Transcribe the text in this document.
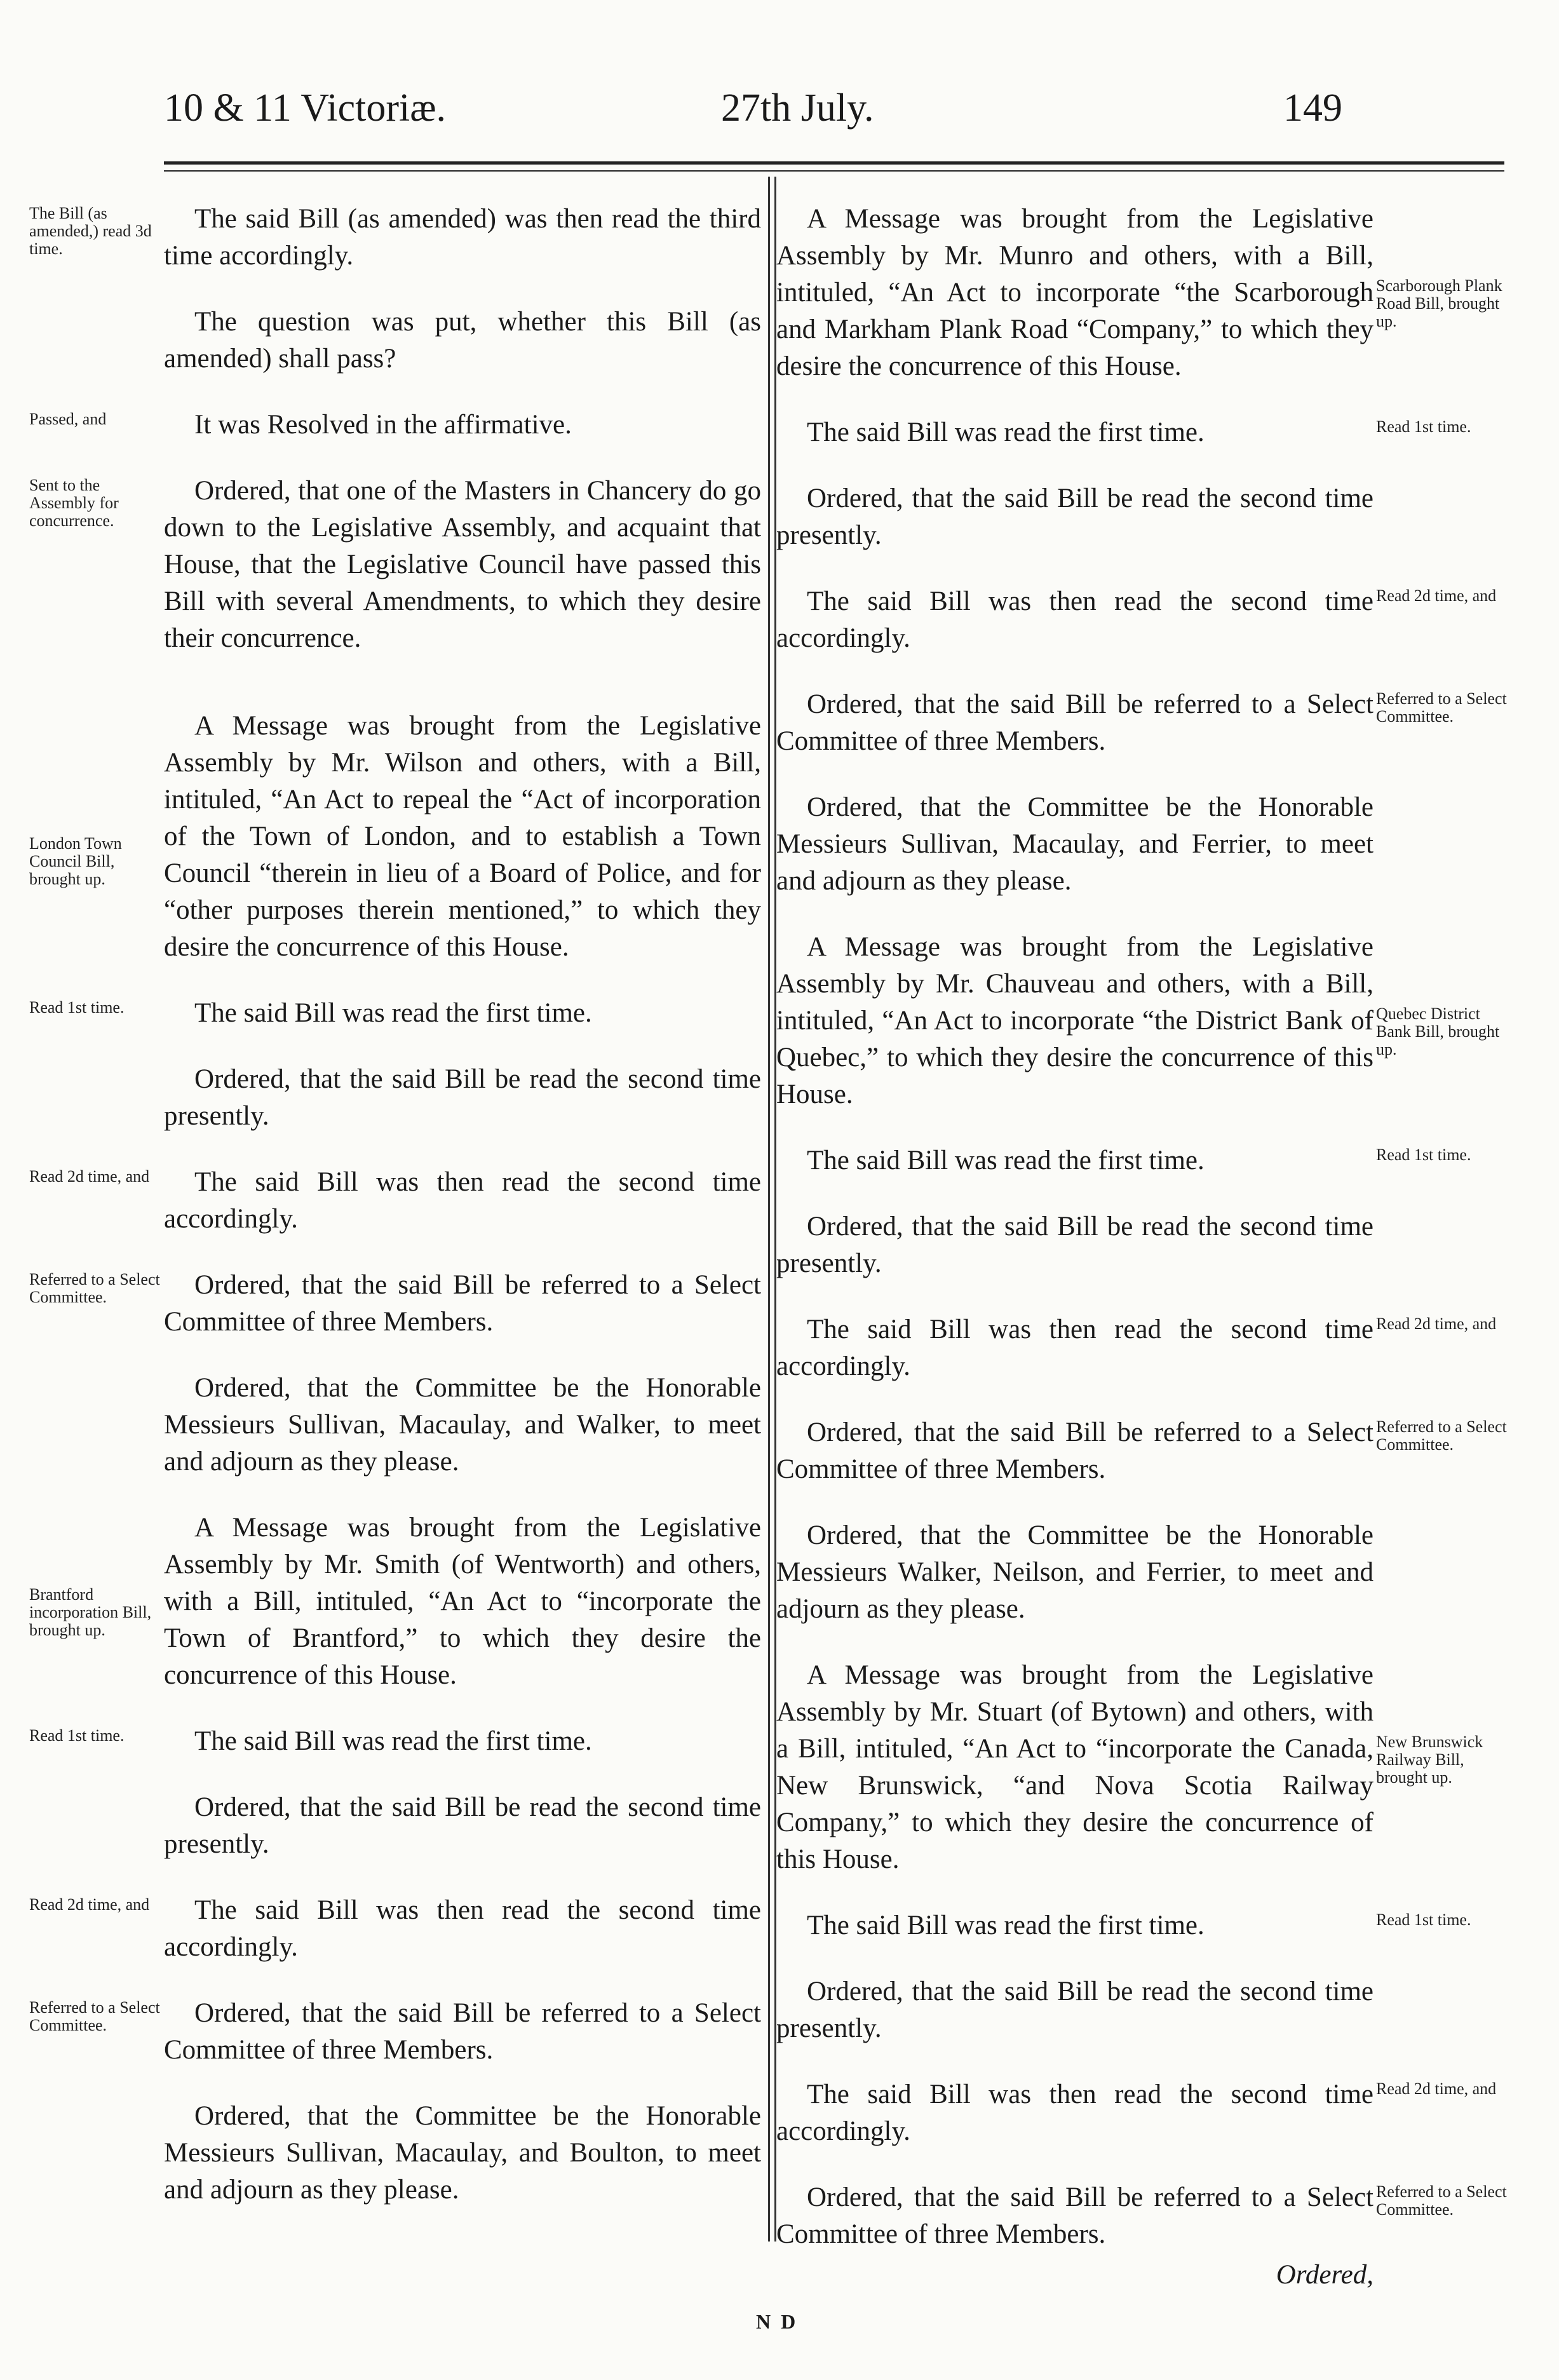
10 & 11 Victoriæ.	27th July.	149
The Bill (as amended,) read 3d time.
The said Bill (as amended) was then read the third time accordingly.
The question was put, whether this Bill (as amended) shall pass?
Passed, and	It was Resolved in the affirmative.
Sent to the Assembly for concurrence.
Ordered, that one of the Masters in Chancery do go down to the Legislative Assembly, and acquaint that House, that the Legislative Council have passed this Bill with several Amendments, to which they desire their concurrence.
London Town Council Bill, brought up.
A Message was brought from the Legislative Assembly by Mr. Wilson and others, with a Bill, intituled, “An Act to repeal the “Act of incorporation of the Town of London, and to establish a Town Council “therein in lieu of a Board of Police, and for “other purposes therein mentioned,” to which they desire the concurrence of this House.
Read 1st time.	The said Bill was read the first time.
Ordered, that the said Bill be read the second time presently.
Read 2d time, and	The said Bill was then read the second time accordingly.
Referred to a Select Committee.	Ordered, that the said Bill be referred to a Select Committee of three Members.
Ordered, that the Committee be the Honorable Messieurs Sullivan, Macaulay, and Walker, to meet and adjourn as they please.
Brantford incorporation Bill, brought up.
A Message was brought from the Legislative Assembly by Mr. Smith (of Wentworth) and others, with a Bill, intituled, “An Act to “incorporate the Town of Brantford,” to which they desire the concurrence of this House.
Read 1st time.	The said Bill was read the first time.
Ordered, that the said Bill be read the second time presently.
Read 2d time, and	The said Bill was then read the second time accordingly.
Referred to a Select Committee.	Ordered, that the said Bill be referred to a Select Committee of three Members.
Ordered, that the Committee be the Honorable Messieurs Sullivan, Macaulay, and Boulton, to meet and adjourn as they please.
Scarborough Plank Road Bill, brought up.
A Message was brought from the Legislative Assembly by Mr. Munro and others, with a Bill, intituled, “An Act to incorporate “the Scarborough and Markham Plank Road “Company,” to which they desire the concurrence of this House.
Read 1st time.
The said Bill was read the first time.
Ordered, that the said Bill be read the second time presently.
Read 2d time, and
The said Bill was then read the second time accordingly.
Referred to a Select Committee.
Ordered, that the said Bill be referred to a Select Committee of three Members.
Ordered, that the Committee be the Honorable Messieurs Sullivan, Macaulay, and Ferrier, to meet and adjourn as they please.
Quebec District Bank Bill, brought up.
A Message was brought from the Legislative Assembly by Mr. Chauveau and others, with a Bill, intituled, “An Act to incorporate “the District Bank of Quebec,” to which they desire the concurrence of this House.
Read 1st time.
The said Bill was read the first time.
Ordered, that the said Bill be read the second time presently.
Read 2d time, and
The said Bill was then read the second time accordingly.
Referred to a Select Committee.
Ordered, that the said Bill be referred to a Select Committee of three Members.
Ordered, that the Committee be the Honorable Messieurs Walker, Neilson, and Ferrier, to meet and adjourn as they please.
New Brunswick Railway Bill, brought up.
A Message was brought from the Legislative Assembly by Mr. Stuart (of Bytown) and others, with a Bill, intituled, “An Act to “incorporate the Canada, New Brunswick, “and Nova Scotia Railway Company,” to which they desire the concurrence of this House.
Read 1st time.
The said Bill was read the first time.
Ordered, that the said Bill be read the second time presently.
Read 2d time, and
The said Bill was then read the second time accordingly.
Referred to a Select Committee.
Ordered, that the said Bill be referred to a Select Committee of three Members.
Ordered,
N D
